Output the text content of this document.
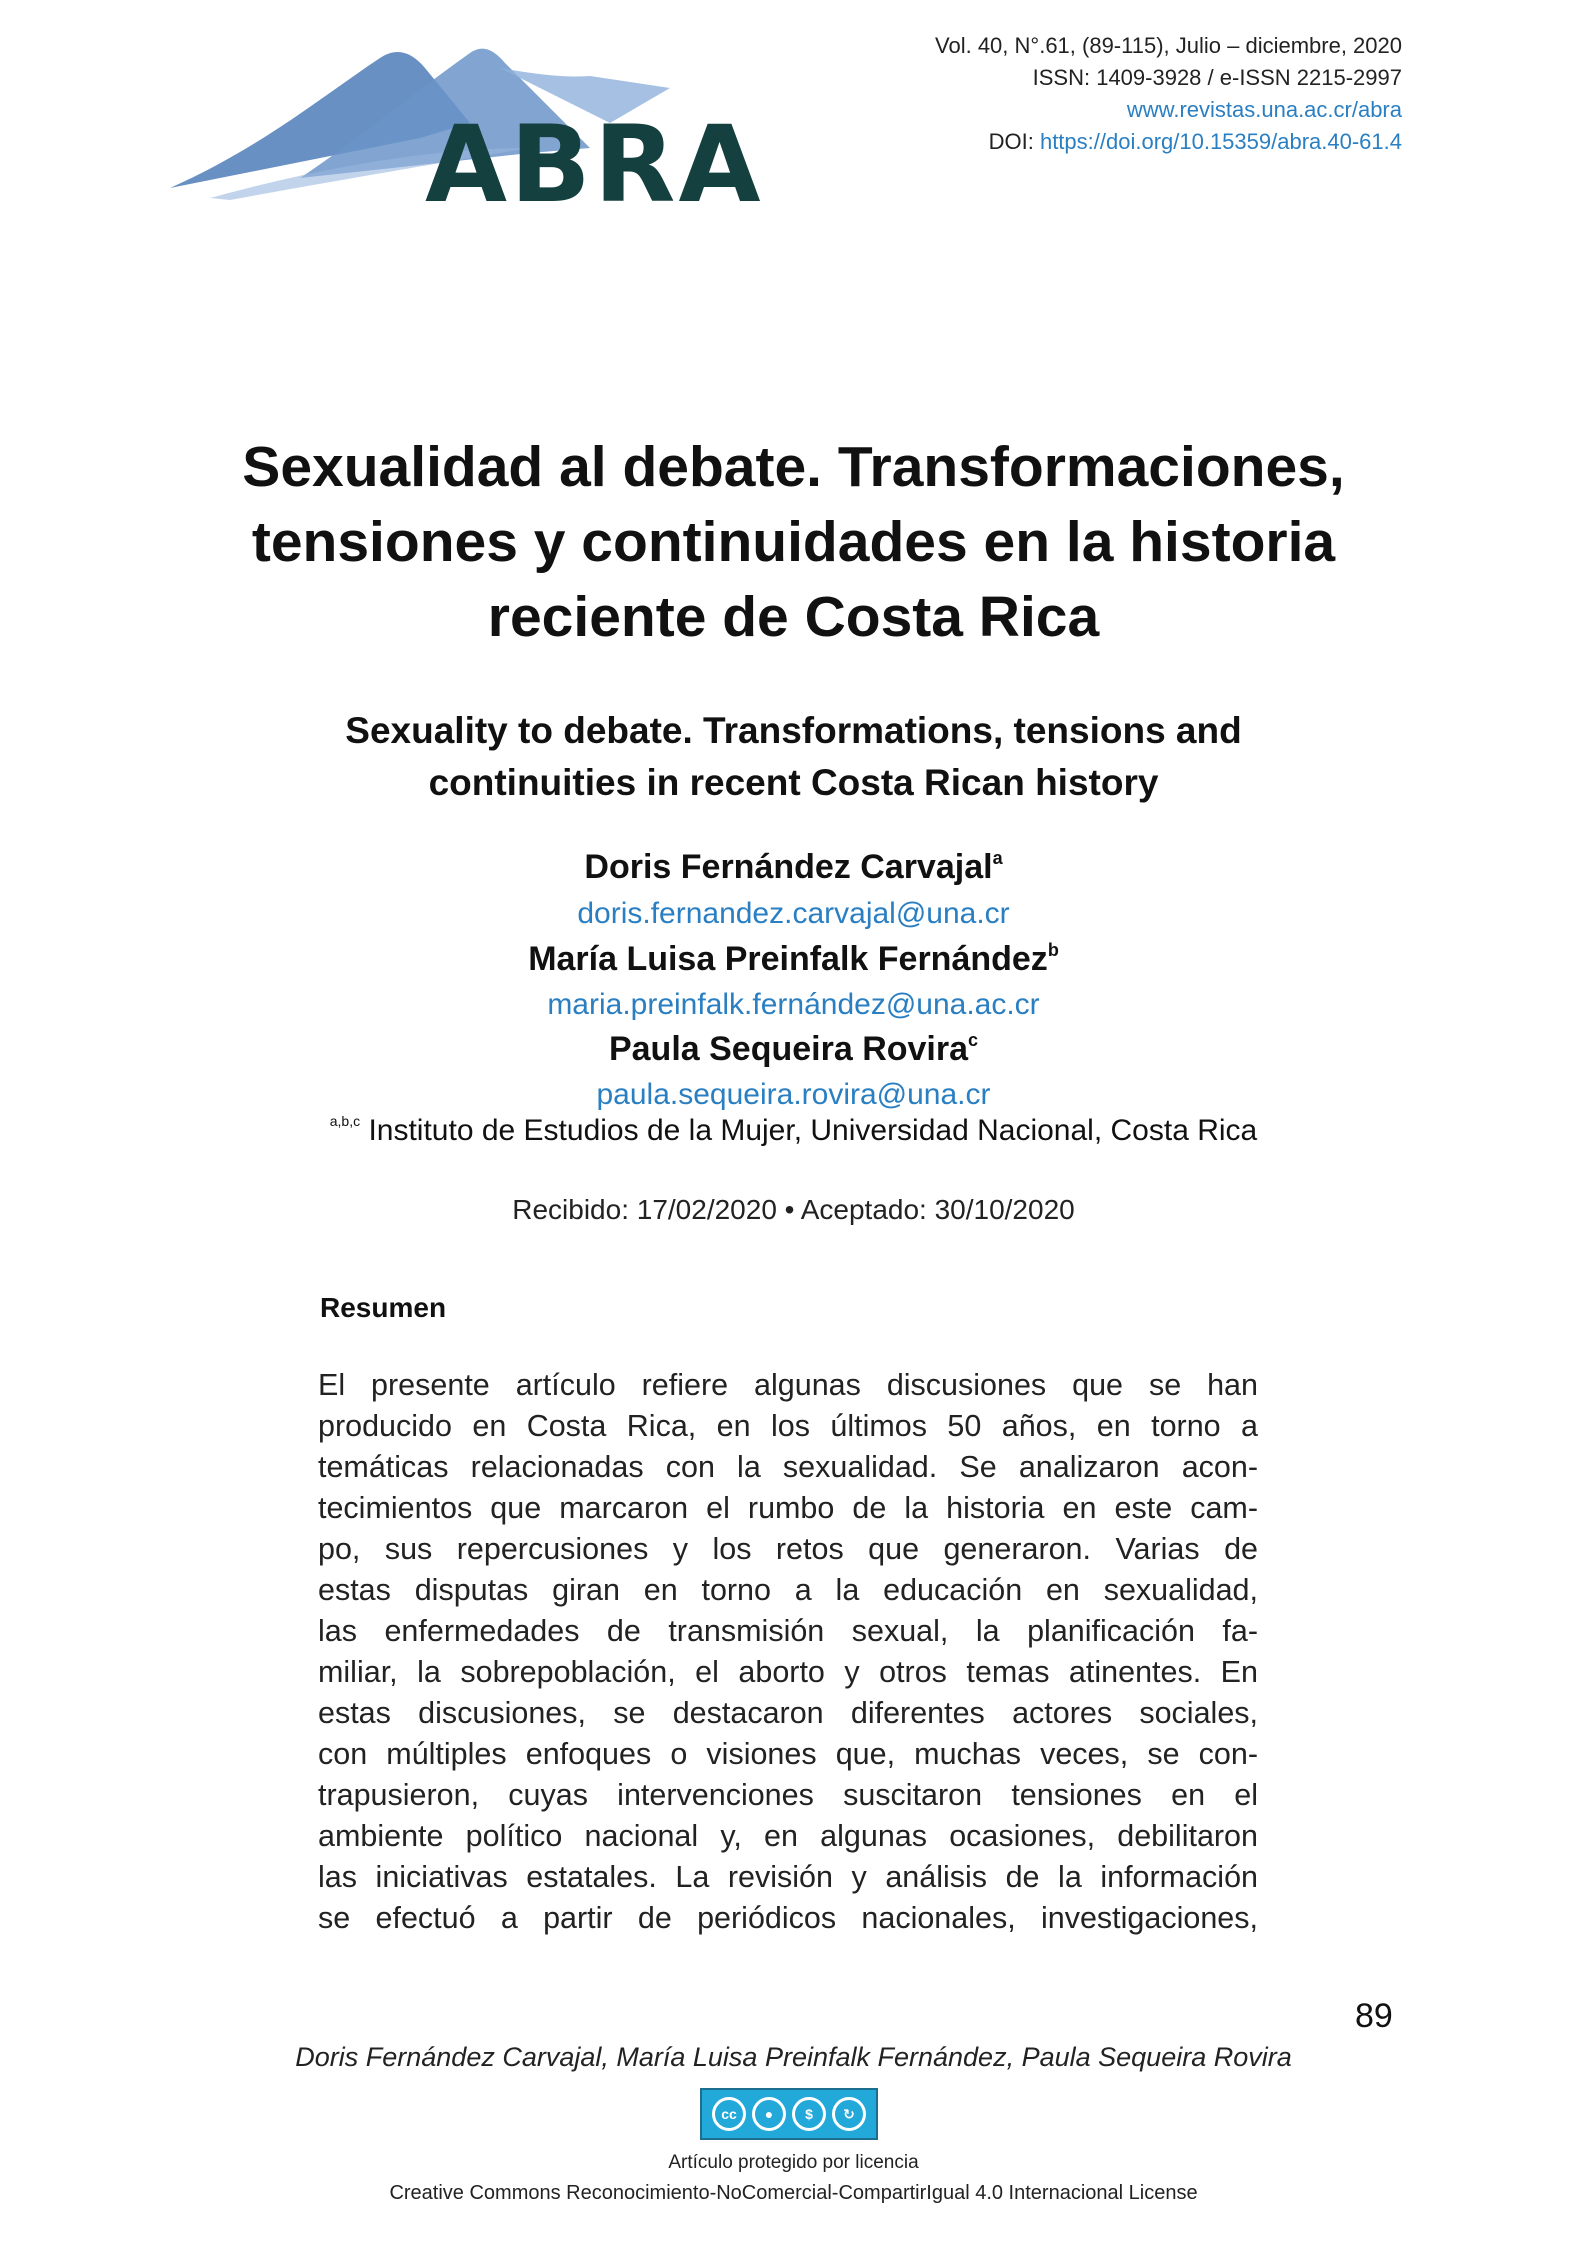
ABRA
Vol. 40, N°.61, (89-115), Julio – diciembre, 2020
ISSN: 1409-3928 / e-ISSN 2215-2997
www.revistas.una.ac.cr/abra
DOI: https://doi.org/10.15359/abra.40-61.4
Sexualidad al debate. Transformaciones,
tensiones y continuidades en la historia
reciente de Costa Rica
Sexuality to debate. Transformations, tensions and
continuities in recent Costa Rican history
Doris Fernández Carvajal$^a$
doris.fernandez.carvajal@una.cr
María Luisa Preinfalk Fernández$^b$
maria.preinfalk.fernández@una.ac.cr
Paula Sequeira Rovira$^c$
paula.sequeira.rovira@una.cr
$^{a,b,c}$ Instituto de Estudios de la Mujer, Universidad Nacional, Costa Rica
Recibido: 17/02/2020 • Aceptado: 30/10/2020
Resumen
El presente artículo refiere algunas discusiones que se han
producido en Costa Rica, en los últimos 50 años, en torno a
temáticas relacionadas con la sexualidad. Se analizaron acon-
tecimientos que marcaron el rumbo de la historia en este cam-
po, sus repercusiones y los retos que generaron. Varias de
estas disputas giran en torno a la educación en sexualidad,
las enfermedades de transmisión sexual, la planificación fa-
miliar, la sobrepoblación, el aborto y otros temas atinentes. En
estas discusiones, se destacaron diferentes actores sociales,
con múltiples enfoques o visiones que, muchas veces, se con-
trapusieron, cuyas intervenciones suscitaron tensiones en el
ambiente político nacional y, en algunas ocasiones, debilitaron
las iniciativas estatales. La revisión y análisis de la información
se efectuó a partir de periódicos nacionales, investigaciones,
89
Doris Fernández Carvajal, María Luisa Preinfalk Fernández, Paula Sequeira Rovira
cc	●	$	↻
Artículo protegido por licencia
Creative Commons Reconocimiento-NoComercial-CompartirIgual 4.0 Internacional License
